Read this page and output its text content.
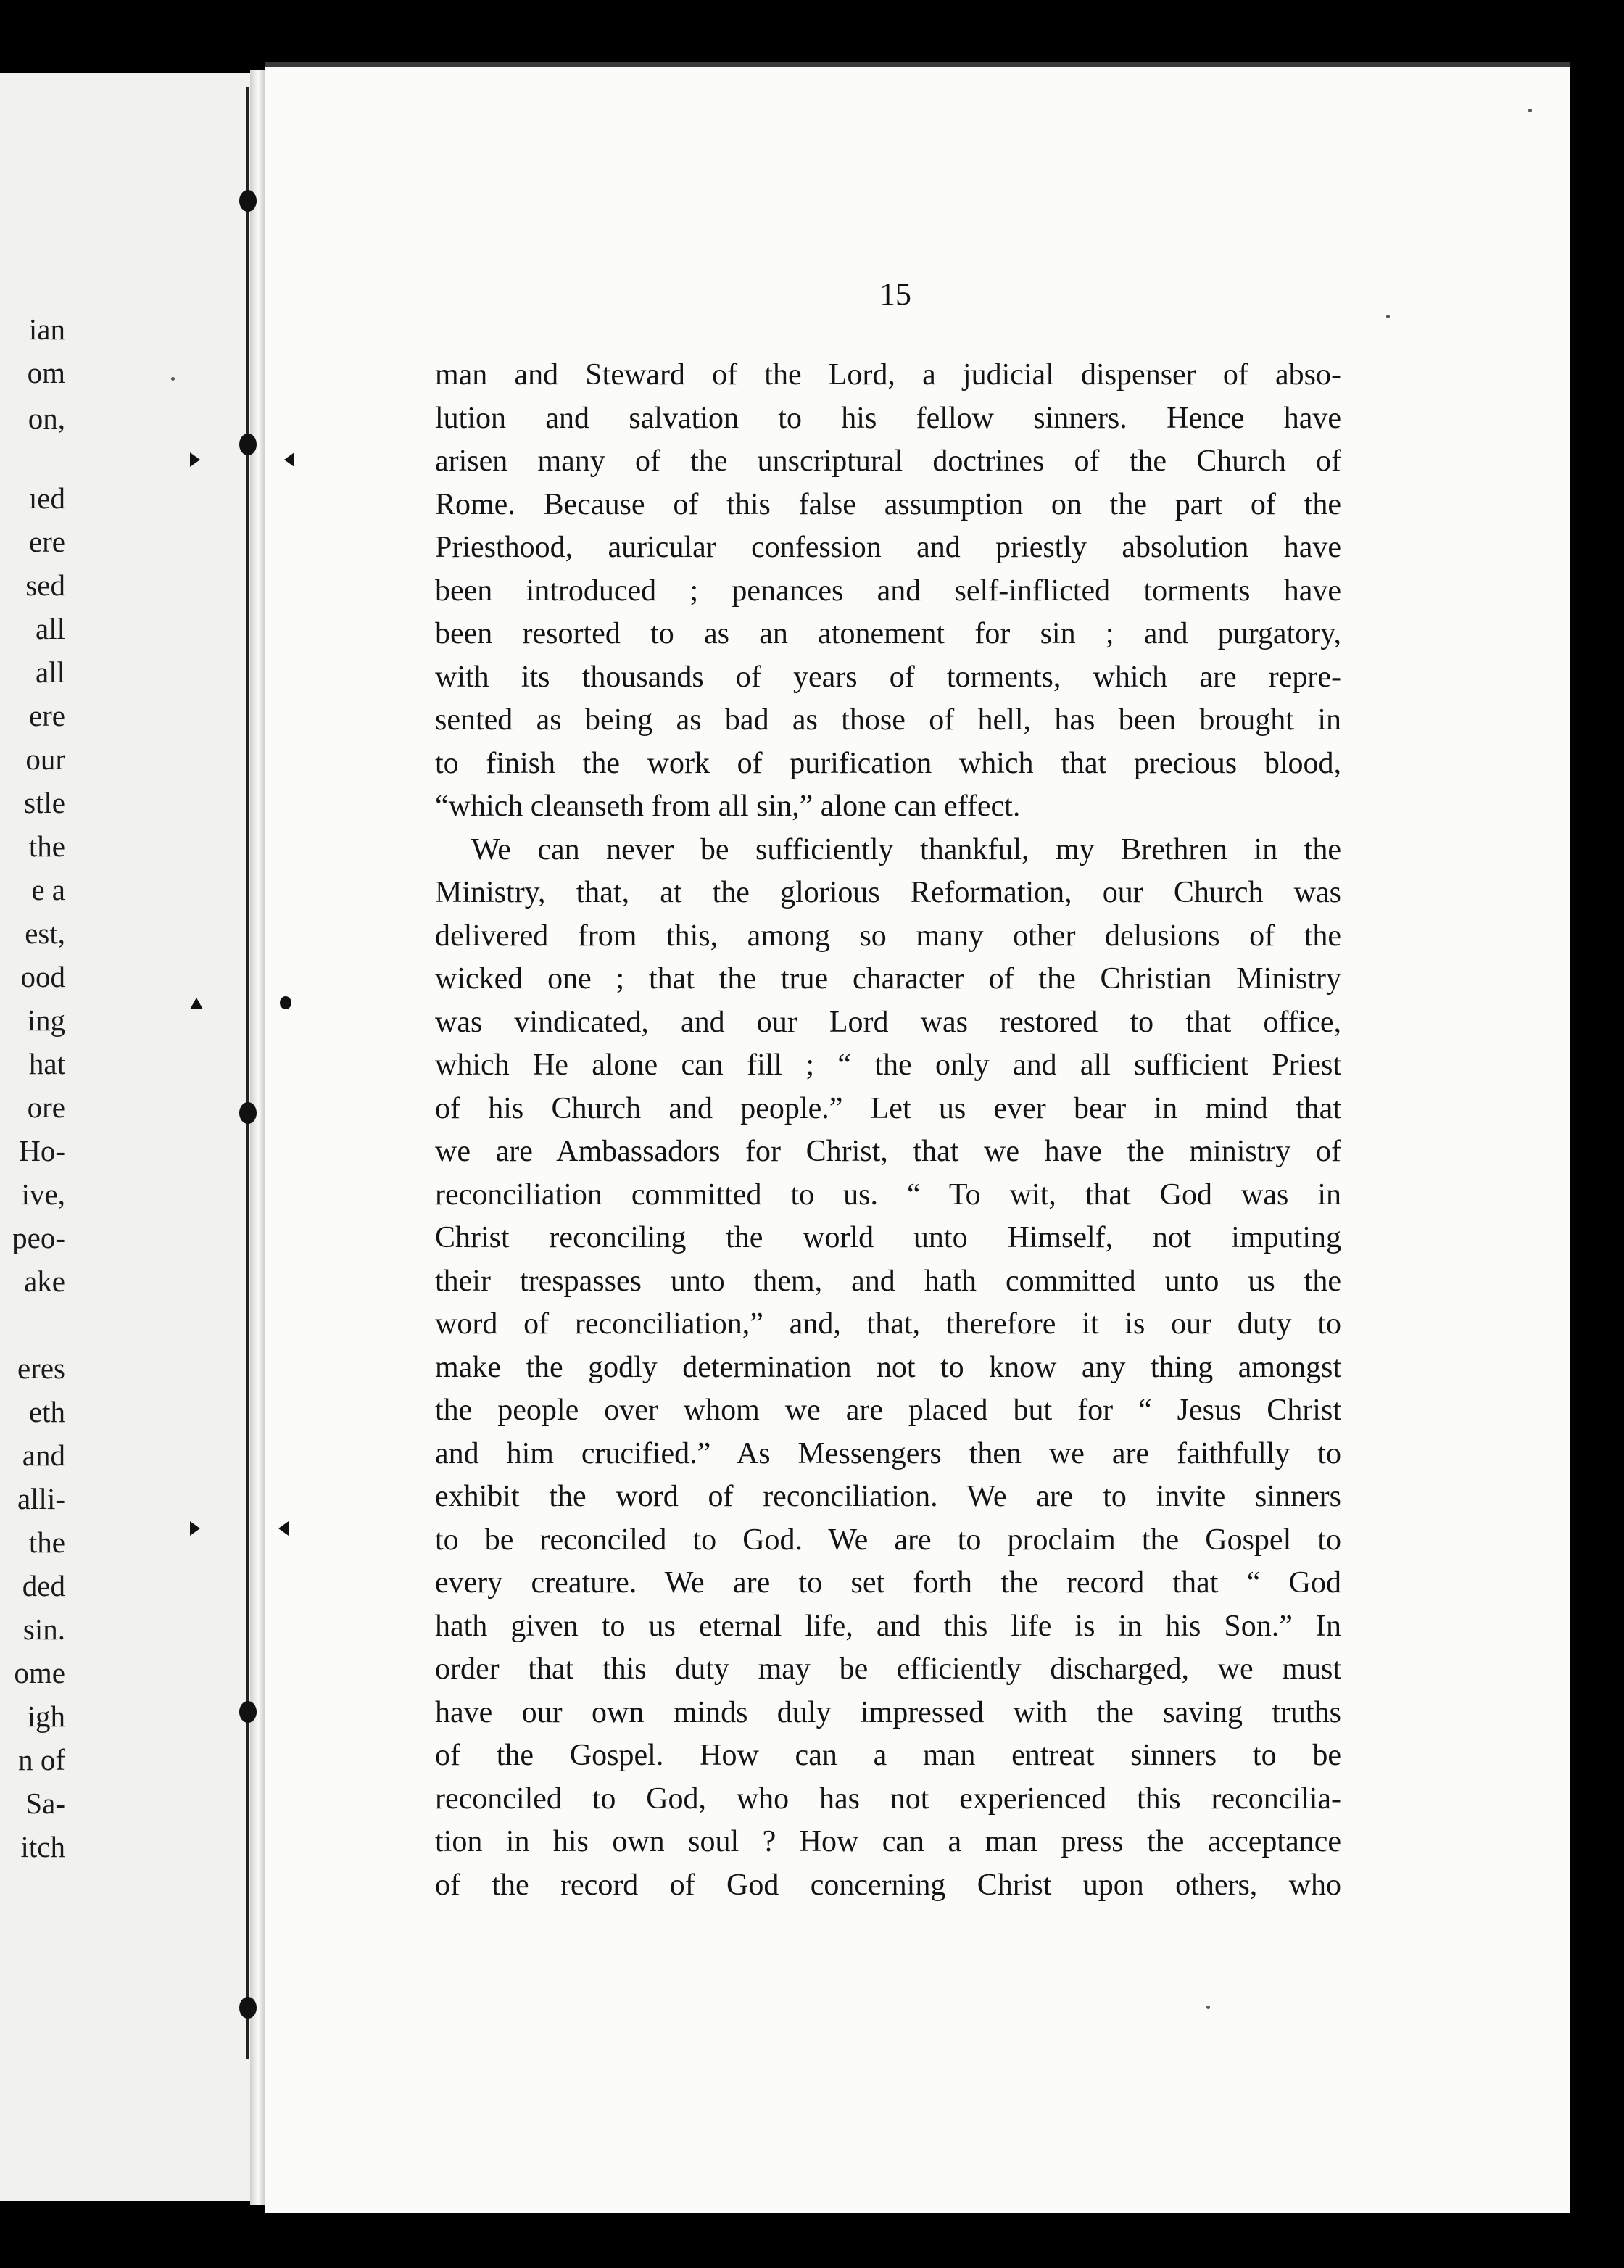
ian
om
on,
ıed
ere
sed
all
all
ere
our
stle
the
e a
est,
ood
ing
hat
ore
Ho-
ive,
peo-
ake
eres
eth
and
alli-
the
ded
sin.
ome
igh
n of
Sa-
itch
15
man and Steward of the Lord, a judicial dispenser of abso-
lution and salvation to his fellow sinners. Hence have
arisen many of the unscriptural doctrines of the Church of
Rome. Because of this false assumption on the part of the
Priesthood, auricular confession and priestly absolution have
been introduced ; penances and self-inflicted torments have
been resorted to as an atonement for sin ; and purgatory,
with its thousands of years of torments, which are repre-
sented as being as bad as those of hell, has been brought in
to finish the work of purification which that precious blood,
“which cleanseth from all sin,” alone can effect.
We can never be sufficiently thankful, my Brethren in the
Ministry, that, at the glorious Reformation, our Church was
delivered from this, among so many other delusions of the
wicked one ; that the true character of the Christian Ministry
was vindicated, and our Lord was restored to that office,
which He alone can fill ; “ the only and all sufficient Priest
of his Church and people.” Let us ever bear in mind that
we are Ambassadors for Christ, that we have the ministry of
reconciliation committed to us. “ To wit, that God was in
Christ reconciling the world unto Himself, not imputing
their trespasses unto them, and hath committed unto us the
word of reconciliation,” and, that, therefore it is our duty to
make the godly determination not to know any thing amongst
the people over whom we are placed but for “ Jesus Christ
and him crucified.” As Messengers then we are faithfully to
exhibit the word of reconciliation. We are to invite sinners
to be reconciled to God. We are to proclaim the Gospel to
every creature. We are to set forth the record that “ God
hath given to us eternal life, and this life is in his Son.” In
order that this duty may be efficiently discharged, we must
have our own minds duly impressed with the saving truths
of the Gospel. How can a man entreat sinners to be
reconciled to God, who has not experienced this reconcilia-
tion in his own soul ? How can a man press the acceptance
of the record of God concerning Christ upon others, who
